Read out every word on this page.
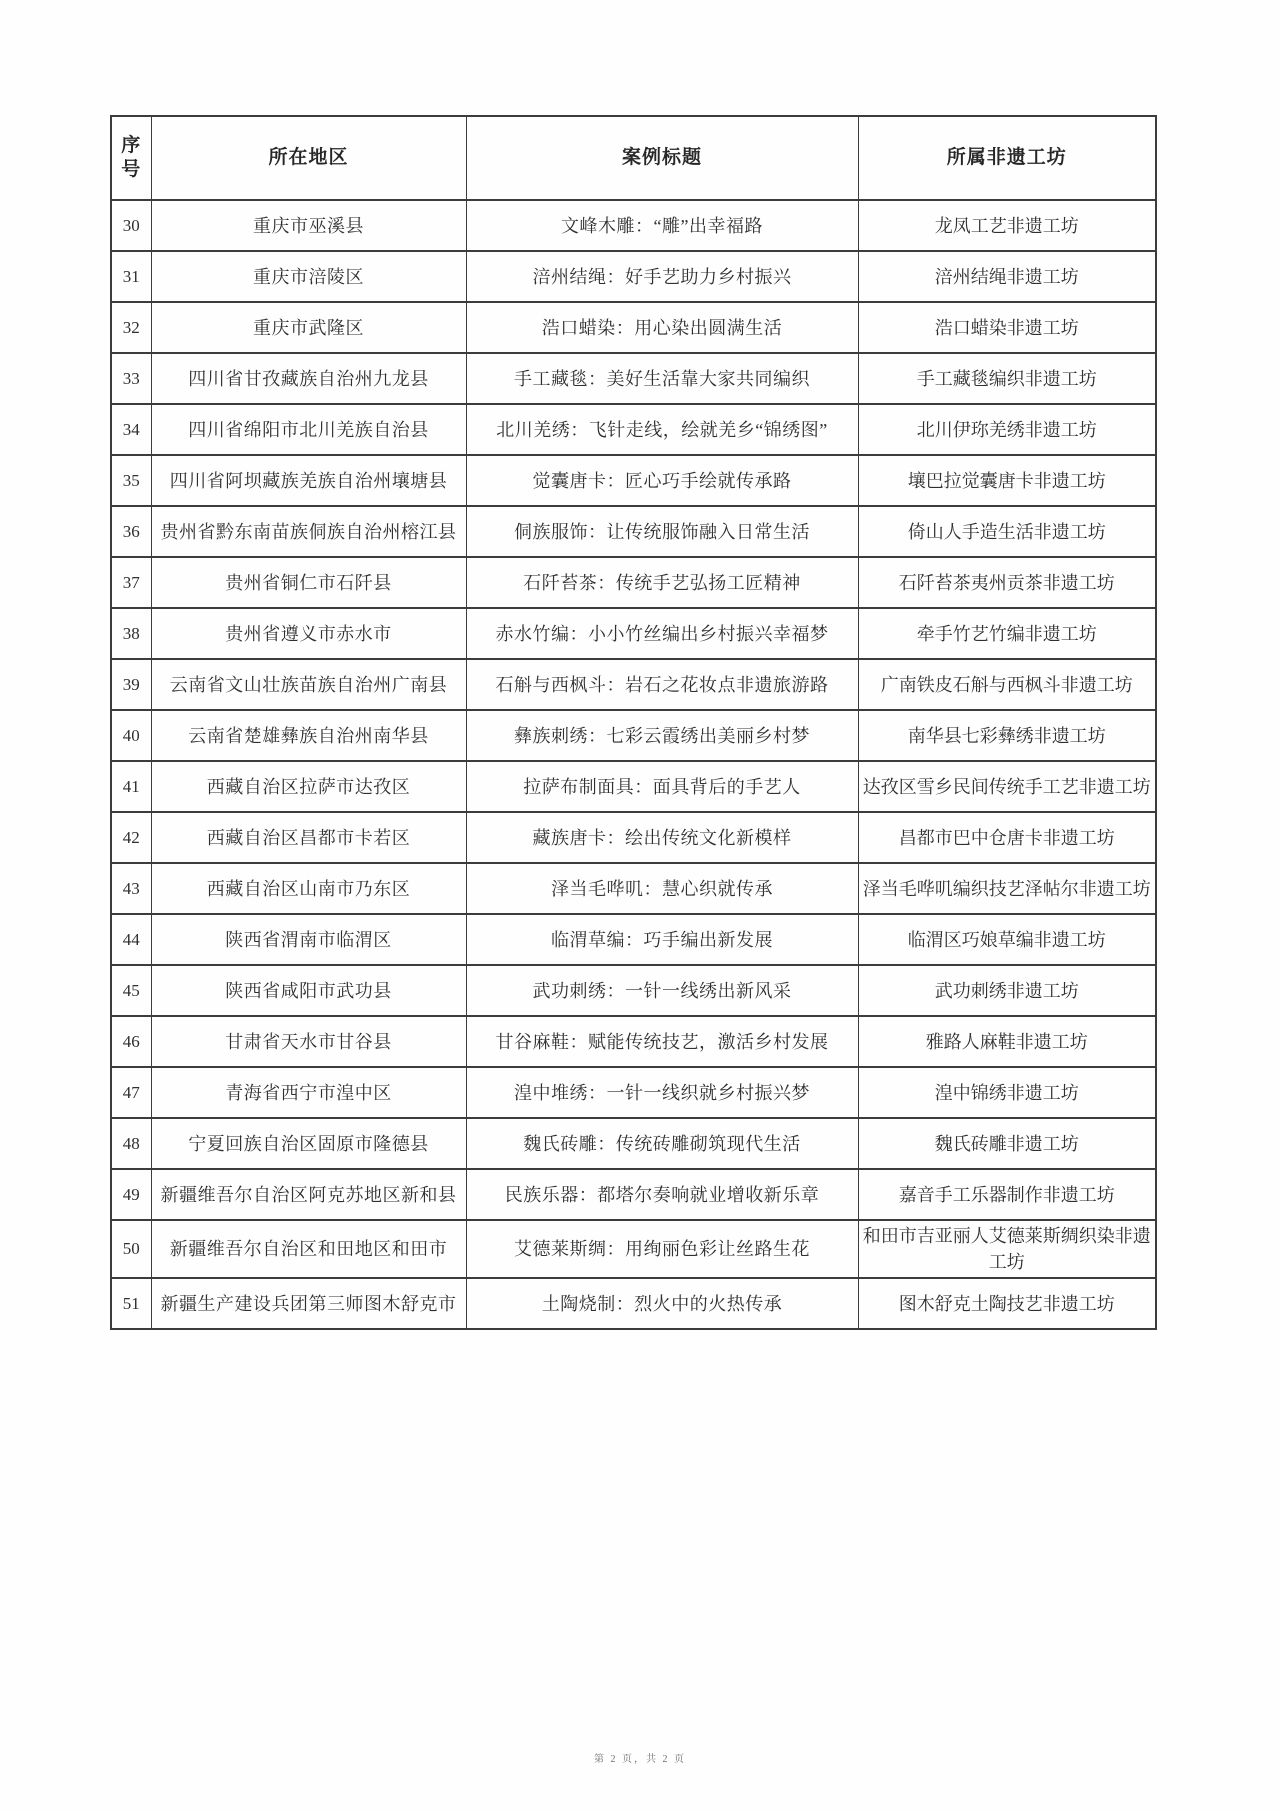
序号	所在地区	案例标题	所属非遗工坊
30	重庆市巫溪县	文峰木雕：“雕”出幸福路	龙凤工艺非遗工坊
31	重庆市涪陵区	涪州结绳：好手艺助力乡村振兴	涪州结绳非遗工坊
32	重庆市武隆区	浩口蜡染：用心染出圆满生活	浩口蜡染非遗工坊
33	四川省甘孜藏族自治州九龙县	手工藏毯：美好生活靠大家共同编织	手工藏毯编织非遗工坊
34	四川省绵阳市北川羌族自治县	北川羌绣：飞针走线，绘就羌乡“锦绣图”	北川伊珎羌绣非遗工坊
35	四川省阿坝藏族羌族自治州壤塘县	觉囊唐卡：匠心巧手绘就传承路	壤巴拉觉囊唐卡非遗工坊
36	贵州省黔东南苗族侗族自治州榕江县	侗族服饰：让传统服饰融入日常生活	倚山人手造生活非遗工坊
37	贵州省铜仁市石阡县	石阡苔茶：传统手艺弘扬工匠精神	石阡苔茶夷州贡茶非遗工坊
38	贵州省遵义市赤水市	赤水竹编：小小竹丝编出乡村振兴幸福梦	牵手竹艺竹编非遗工坊
39	云南省文山壮族苗族自治州广南县	石斛与西枫斗：岩石之花妆点非遗旅游路	广南铁皮石斛与西枫斗非遗工坊
40	云南省楚雄彝族自治州南华县	彝族刺绣：七彩云霞绣出美丽乡村梦	南华县七彩彝绣非遗工坊
41	西藏自治区拉萨市达孜区	拉萨布制面具：面具背后的手艺人	达孜区雪乡民间传统手工艺非遗工坊
42	西藏自治区昌都市卡若区	藏族唐卡：绘出传统文化新模样	昌都市巴中仓唐卡非遗工坊
43	西藏自治区山南市乃东区	泽当毛哗叽：慧心织就传承	泽当毛哗叽编织技艺泽帖尔非遗工坊
44	陕西省渭南市临渭区	临渭草编：巧手编出新发展	临渭区巧娘草编非遗工坊
45	陕西省咸阳市武功县	武功刺绣：一针一线绣出新风采	武功刺绣非遗工坊
46	甘肃省天水市甘谷县	甘谷麻鞋：赋能传统技艺，激活乡村发展	雅路人麻鞋非遗工坊
47	青海省西宁市湟中区	湟中堆绣：一针一线织就乡村振兴梦	湟中锦绣非遗工坊
48	宁夏回族自治区固原市隆德县	魏氏砖雕：传统砖雕砌筑现代生活	魏氏砖雕非遗工坊
49	新疆维吾尔自治区阿克苏地区新和县	民族乐器：都塔尔奏响就业增收新乐章	嘉音手工乐器制作非遗工坊
50	新疆维吾尔自治区和田地区和田市	艾德莱斯绸：用绚丽色彩让丝路生花	和田市吉亚丽人艾德莱斯绸织染非遗工坊
51	新疆生产建设兵团第三师图木舒克市	土陶烧制：烈火中的火热传承	图木舒克土陶技艺非遗工坊
第 2 页，共 2 页
